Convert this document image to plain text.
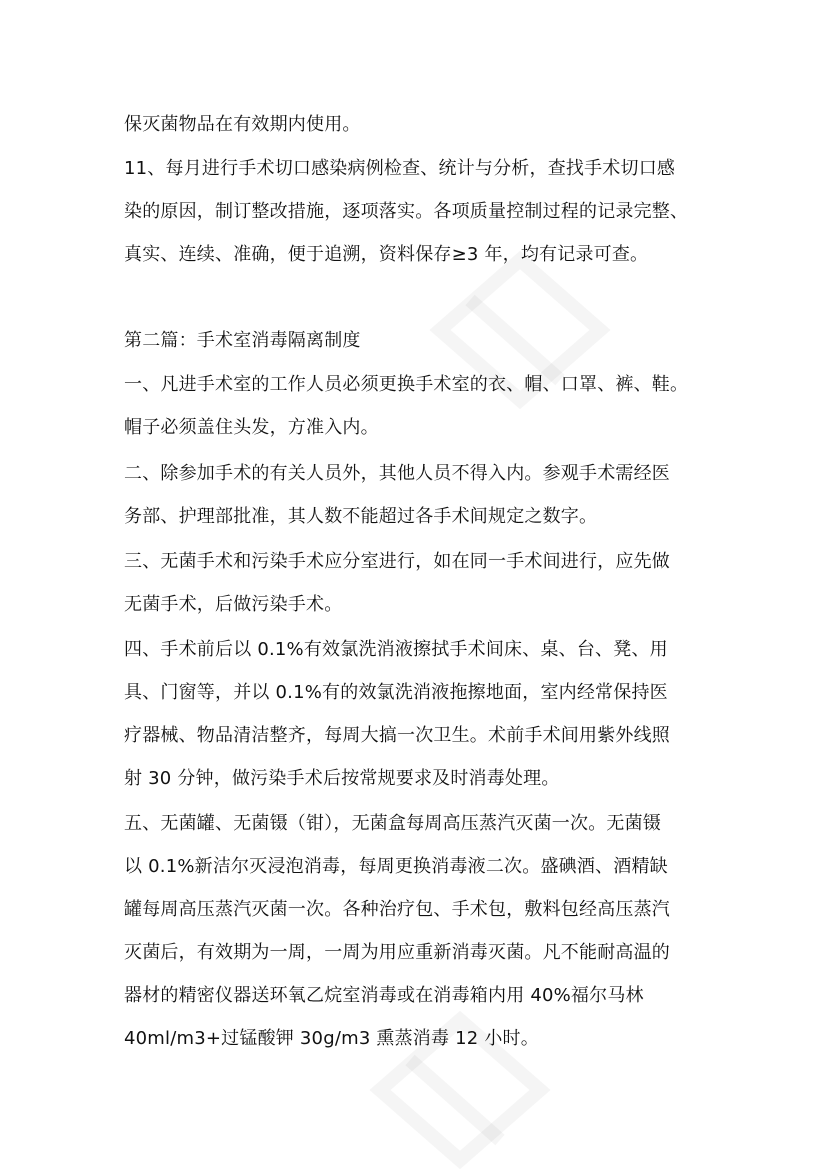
保灭菌物品在有效期内使用。
11、每月进行手术切口感染病例检查、统计与分析，查找手术切口感
染的原因，制订整改措施，逐项落实。各项质量控制过程的记录完整、
真实、连续、准确，便于追溯，资料保存≥3 年，均有记录可查。
第二篇：手术室消毒隔离制度
一、凡进手术室的工作人员必须更换手术室的衣、帽、口罩、裤、鞋。
帽子必须盖住头发，方准入内。
二、除参加手术的有关人员外，其他人员不得入内。参观手术需经医
务部、护理部批准，其人数不能超过各手术间规定之数字。
三、无菌手术和污染手术应分室进行，如在同一手术间进行，应先做
无菌手术，后做污染手术。
四、手术前后以 0.1%有效氯洗消液擦拭手术间床、桌、台、凳、用
具、门窗等，并以 0.1%有的效氯洗消液拖擦地面，室内经常保持医
疗器械、物品清洁整齐，每周大搞一次卫生。术前手术间用紫外线照
射 30 分钟，做污染手术后按常规要求及时消毒处理。
五、无菌罐、无菌镊（钳），无菌盒每周高压蒸汽灭菌一次。无菌镊
以 0.1%新洁尔灭浸泡消毒，每周更换消毒液二次。盛碘酒、酒精缺
罐每周高压蒸汽灭菌一次。各种治疗包、手术包，敷料包经高压蒸汽
灭菌后，有效期为一周，一周为用应重新消毒灭菌。凡不能耐高温的
器材的精密仪器送环氧乙烷室消毒或在消毒箱内用 40%福尔马林
40ml/m3+过锰酸钾 30g/m3 熏蒸消毒 12 小时。
